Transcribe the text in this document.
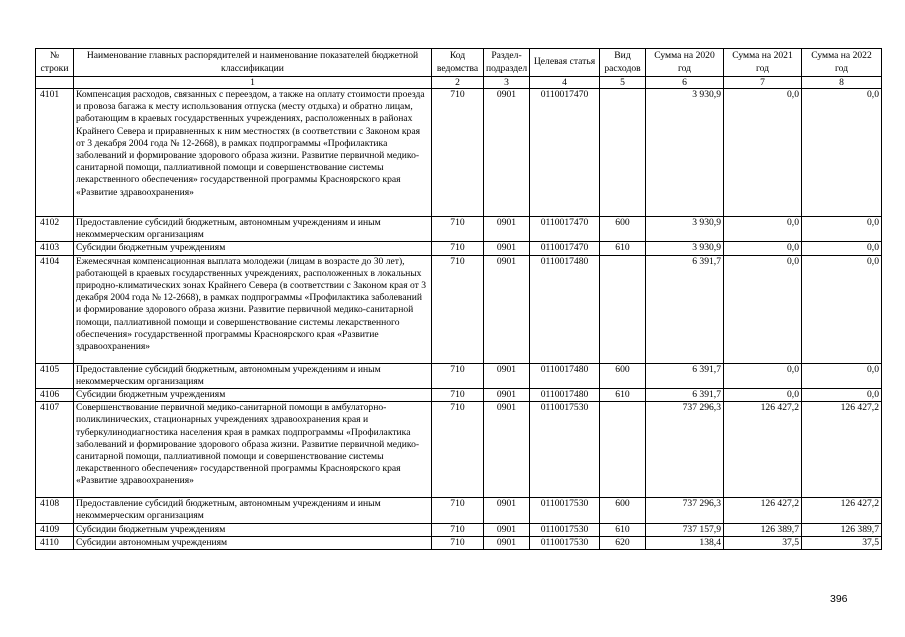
№ строки	Наименование главных распорядителей и наименование показателей бюджетной классификации	Код ведомства	Раздел-подраздел	Целевая статья	Вид расходов	Сумма на 2020 год	Сумма на 2021 год	Сумма на 2022 год
	1	2	3	4	5	6	7	8
4101	Компенсация расходов, связанных с переездом, а также на оплату стоимости проезда и провоза багажа к месту использования отпуска (месту отдыха) и обратно лицам, работающим в краевых государственных учреждениях, расположенных в районах Крайнего Севера и приравненных к ним местностях (в соответствии с Законом края от 3 декабря 2004 года № 12-2668), в рамках подпрограммы «Профилактика заболеваний и формирование здорового образа жизни. Развитие первичной медико-санитарной помощи, паллиативной помощи и совершенствование системы лекарственного обеспечения» государственной программы Красноярского края «Развитие здравоохранения»	710	0901	0110017470		3 930,9	0,0	0,0
4102	Предоставление субсидий бюджетным, автономным учреждениям и иным некоммерческим организациям	710	0901	0110017470	600	3 930,9	0,0	0,0
4103	Субсидии бюджетным учреждениям	710	0901	0110017470	610	3 930,9	0,0	0,0
4104	Ежемесячная компенсационная выплата молодежи (лицам в возрасте до 30 лет), работающей в краевых государственных учреждениях, расположенных в локальных природно-климатических зонах Крайнего Севера (в соответствии с Законом края от 3 декабря 2004 года № 12-2668), в рамках подпрограммы «Профилактика заболеваний и формирование здорового образа жизни. Развитие первичной медико-санитарной помощи, паллиативной помощи и совершенствование системы лекарственного обеспечения» государственной программы Красноярского края «Развитие здравоохранения»	710	0901	0110017480		6 391,7	0,0	0,0
4105	Предоставление субсидий бюджетным, автономным учреждениям и иным некоммерческим организациям	710	0901	0110017480	600	6 391,7	0,0	0,0
4106	Субсидии бюджетным учреждениям	710	0901	0110017480	610	6 391,7	0,0	0,0
4107	Совершенствование первичной медико-санитарной помощи в амбулаторно-поликлинических, стационарных учреждениях здравоохранения края и туберкулинодиагностика населения края в рамках подпрограммы «Профилактика заболеваний и формирование здорового образа жизни. Развитие первичной медико-санитарной помощи, паллиативной помощи и совершенствование системы лекарственного обеспечения» государственной программы Красноярского края «Развитие здравоохранения»	710	0901	0110017530		737 296,3	126 427,2	126 427,2
4108	Предоставление субсидий бюджетным, автономным учреждениям и иным некоммерческим организациям	710	0901	0110017530	600	737 296,3	126 427,2	126 427,2
4109	Субсидии бюджетным учреждениям	710	0901	0110017530	610	737 157,9	126 389,7	126 389,7
4110	Субсидии автономным учреждениям	710	0901	0110017530	620	138,4	37,5	37,5
396
